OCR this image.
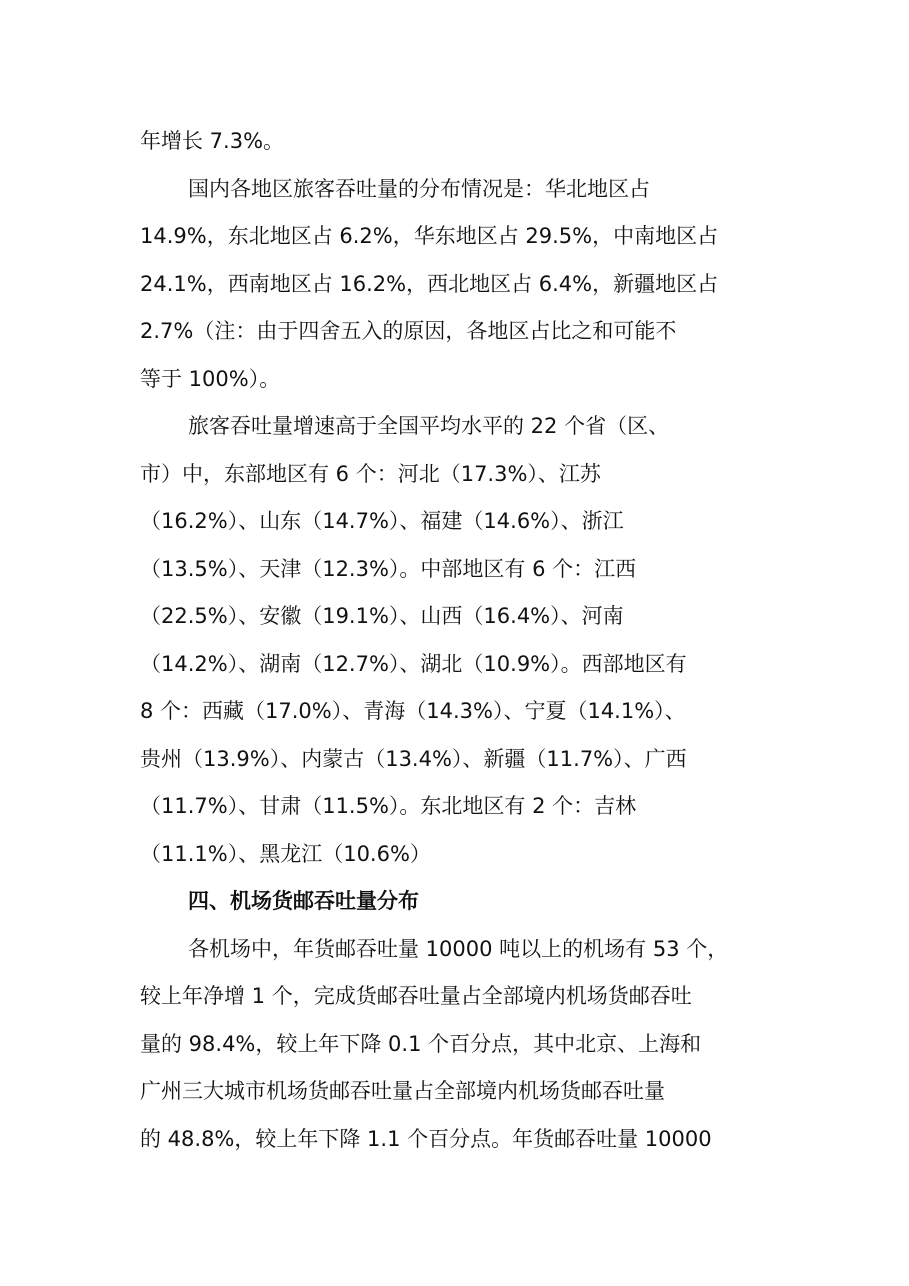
年增长 7.3%。
国内各地区旅客吞吐量的分布情况是：华北地区占
14.9%，东北地区占 6.2%，华东地区占 29.5%，中南地区占
24.1%，西南地区占 16.2%，西北地区占 6.4%，新疆地区占
2.7%（注：由于四舍五入的原因，各地区占比之和可能不
等于 100%）。
旅客吞吐量增速高于全国平均水平的 22 个省（区、
市）中，东部地区有 6 个：河北（17.3%）、江苏
（16.2%）、山东（14.7%）、福建（14.6%）、浙江
（13.5%）、天津（12.3%）。中部地区有 6 个：江西
（22.5%）、安徽（19.1%）、山西（16.4%）、河南
（14.2%）、湖南（12.7%）、湖北（10.9%）。西部地区有
8 个：西藏（17.0%）、青海（14.3%）、宁夏（14.1%）、
贵州（13.9%）、内蒙古（13.4%）、新疆（11.7%）、广西
（11.7%）、甘肃（11.5%）。东北地区有 2 个：吉林
（11.1%）、黑龙江（10.6%）
四、机场货邮吞吐量分布
各机场中，年货邮吞吐量 10000 吨以上的机场有 53 个，
较上年净增 1 个，完成货邮吞吐量占全部境内机场货邮吞吐
量的 98.4%，较上年下降 0.1 个百分点，其中北京、上海和
广州三大城市机场货邮吞吐量占全部境内机场货邮吞吐量
的 48.8%，较上年下降 1.1 个百分点。年货邮吞吐量 10000
